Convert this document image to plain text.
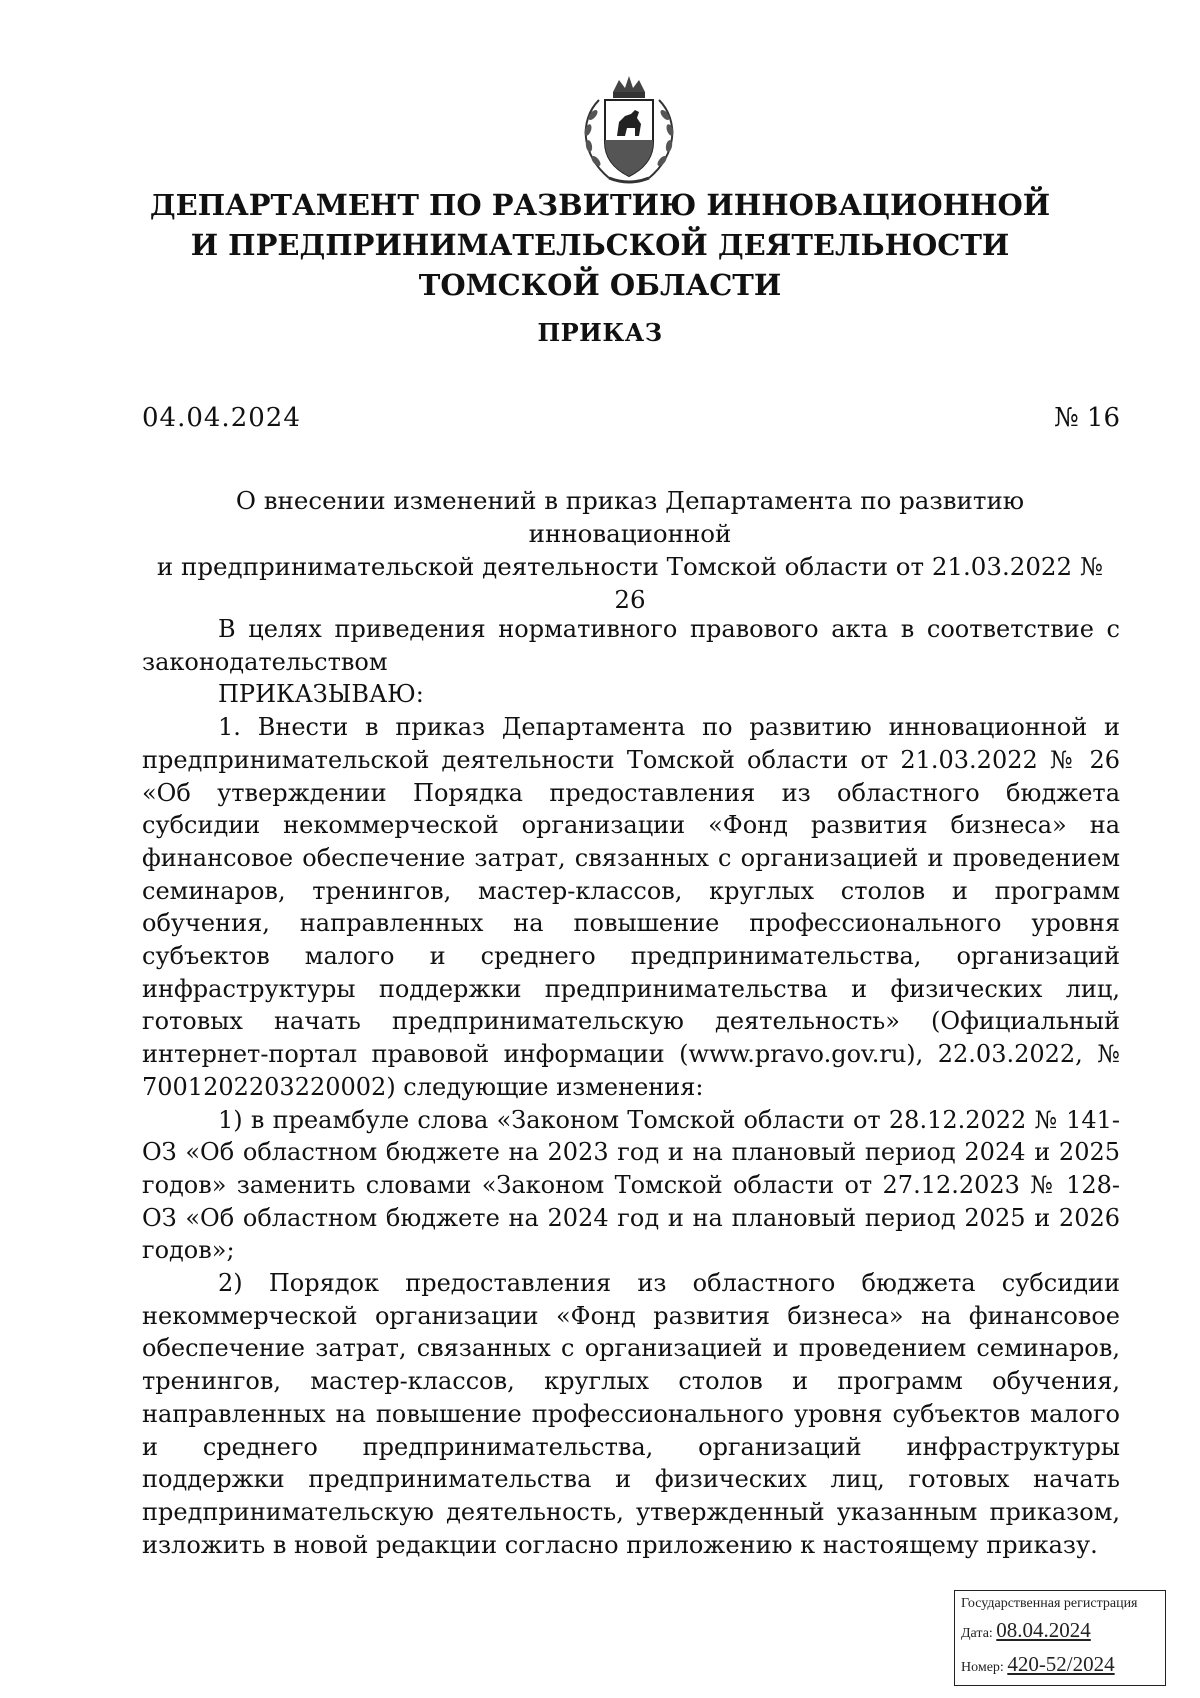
ДЕПАРТАМЕНТ ПО РАЗВИТИЮ ИННОВАЦИОННОЙ
И ПРЕДПРИНИМАТЕЛЬСКОЙ ДЕЯТЕЛЬНОСТИ
ТОМСКОЙ ОБЛАСТИ
ПРИКАЗ
04.04.2024	№ 16
О внесении изменений в приказ Департамента по развитию инновационной
и предпринимательской деятельности Томской области от 21.03.2022 № 26

В целях приведения нормативного правового акта в соответствие с законодательством

ПРИКАЗЫВАЮ:

1. Внести в приказ Департамента по развитию инновационной и предпринимательской деятельности Томской области от 21.03.2022 № 26 «Об утверждении Порядка предоставления из областного бюджета субсидии некоммерческой организации «Фонд развития бизнеса» на финансовое обеспечение затрат, связанных с организацией и проведением семинаров, тренингов, мастер-классов, круглых столов и программ обучения, направленных на повышение профессионального уровня субъектов малого и среднего предпринимательства, организаций инфраструктуры поддержки предпринимательства и физических лиц, готовых начать предпринимательскую деятельность» (Официальный интернет-портал правовой информации (www.pravo.gov.ru), 22.03.2022, № 7001202203220002) следующие изменения:

1) в преамбуле слова «Законом Томской области от 28.12.2022 № 141-ОЗ «Об областном бюджете на 2023 год и на плановый период 2024 и 2025 годов» заменить словами «Законом Томской области от 27.12.2023 № 128-ОЗ «Об областном бюджете на 2024 год и на плановый период 2025 и 2026 годов»;

2) Порядок предоставления из областного бюджета субсидии некоммерческой организации «Фонд развития бизнеса» на финансовое обеспечение затрат, связанных с организацией и проведением семинаров, тренингов, мастер-классов, круглых столов и программ обучения, направленных на повышение профессионального уровня субъектов малого и среднего предпринимательства, организаций инфраструктуры поддержки предпринимательства и физических лиц, готовых начать предпринимательскую деятельность, утвержденный указанным приказом, изложить в новой редакции согласно приложению к настоящему приказу.

Государственная регистрация
Дата: 08.04.2024
Номер: 420-52/2024
